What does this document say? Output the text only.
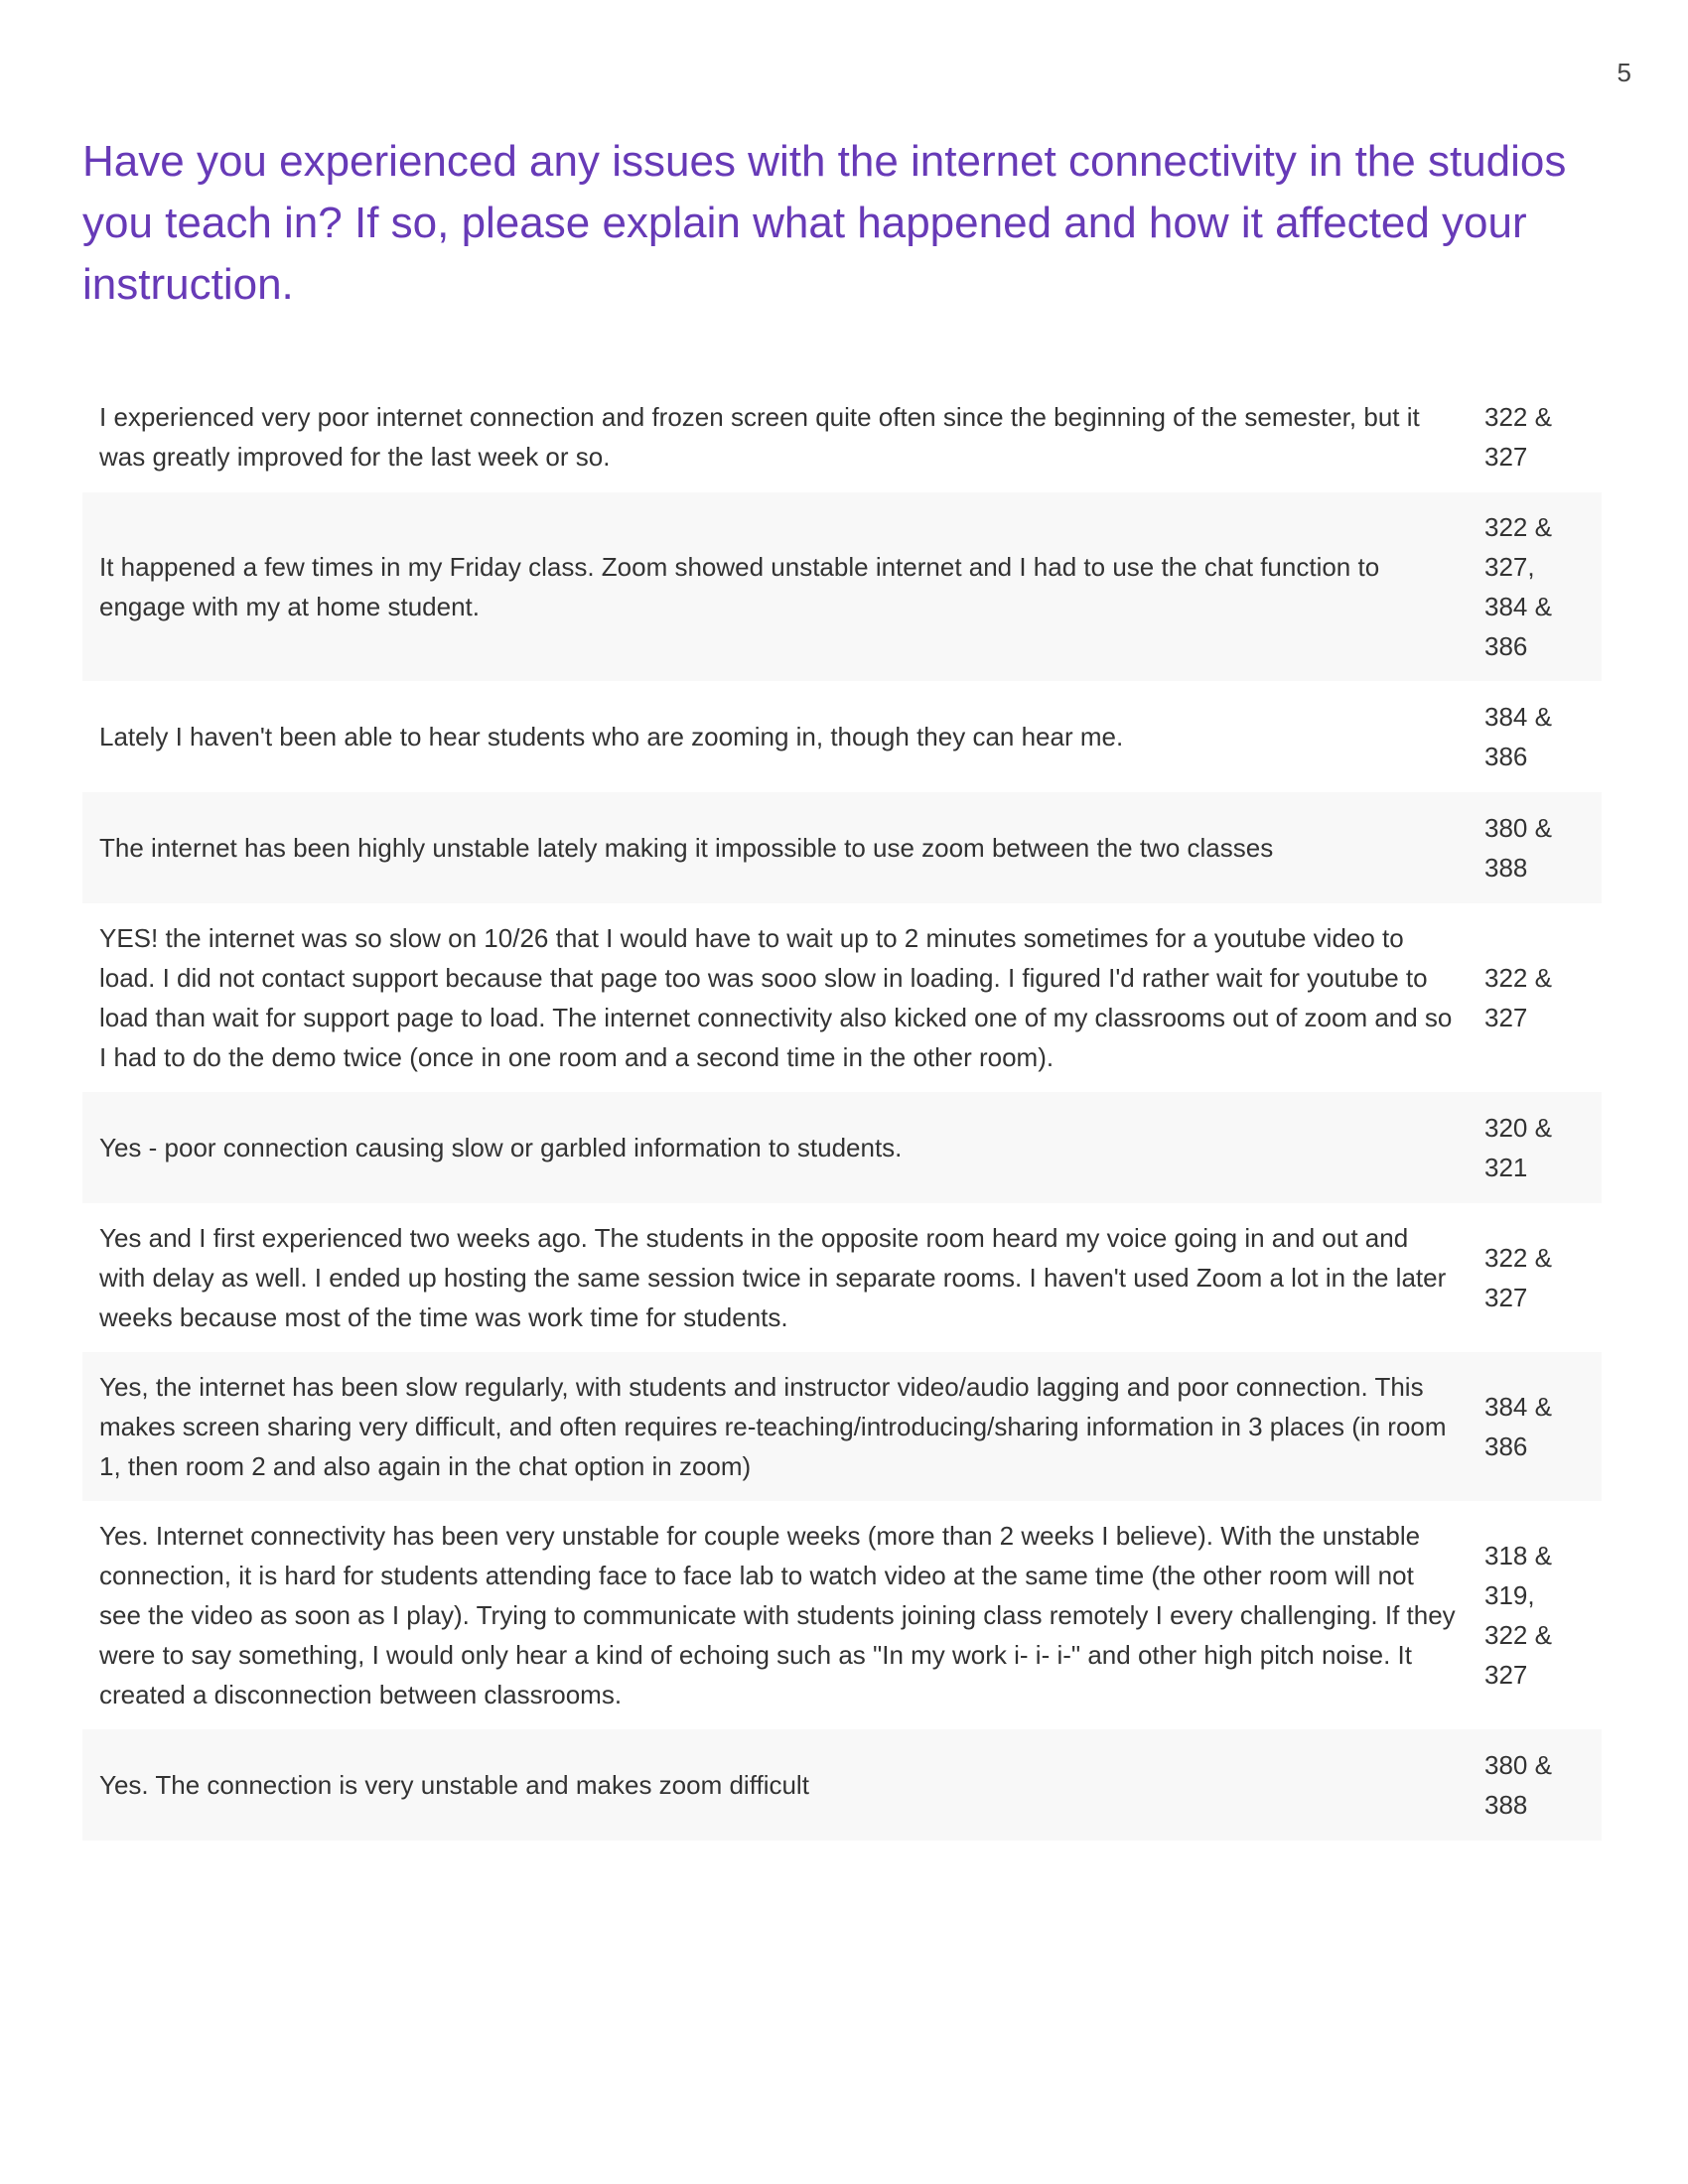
5
Have you experienced any issues with the internet connectivity in the studios you teach in? If so, please explain what happened and how it affected your instruction.
I experienced very poor internet connection and frozen screen quite often since the beginning of the semester, but it was greatly improved for the last week or so.
322 & 327
It happened a few times in my Friday class. Zoom showed unstable internet and I had to use the chat function to engage with my at home student.
322 & 327, 384 & 386
Lately I haven't been able to hear students who are zooming in, though they can hear me.
384 & 386
The internet has been highly unstable lately making it impossible to use zoom between the two classes
380 & 388
YES! the internet was so slow on 10/26 that I would have to wait up to 2 minutes sometimes for a youtube video to load. I did not contact support because that page too was sooo slow in loading. I figured I'd rather wait for youtube to load than wait for support page to load. The internet connectivity also kicked one of my classrooms out of zoom and so I had to do the demo twice (once in one room and a second time in the other room).
322 & 327
Yes - poor connection causing slow or garbled information to students.
320 & 321
Yes and I first experienced two weeks ago. The students in the opposite room heard my voice going in and out and with delay as well. I ended up hosting the same session twice in separate rooms. I haven't used Zoom a lot in the later weeks because most of the time was work time for students.
322 & 327
Yes, the internet has been slow regularly, with students and instructor video/audio lagging and poor connection. This makes screen sharing very difficult, and often requires re-teaching/introducing/sharing information in 3 places (in room 1, then room 2 and also again in the chat option in zoom)
384 & 386
Yes. Internet connectivity has been very unstable for couple weeks (more than 2 weeks I believe). With the unstable connection, it is hard for students attending face to face lab to watch video at the same time (the other room will not see the video as soon as I play). Trying to communicate with students joining class remotely I every challenging. If they were to say something, I would only hear a kind of echoing such as "In my work i- i- i-" and other high pitch noise. It created a disconnection between classrooms.
318 & 319, 322 & 327
Yes. The connection is very unstable and makes zoom difficult
380 & 388
